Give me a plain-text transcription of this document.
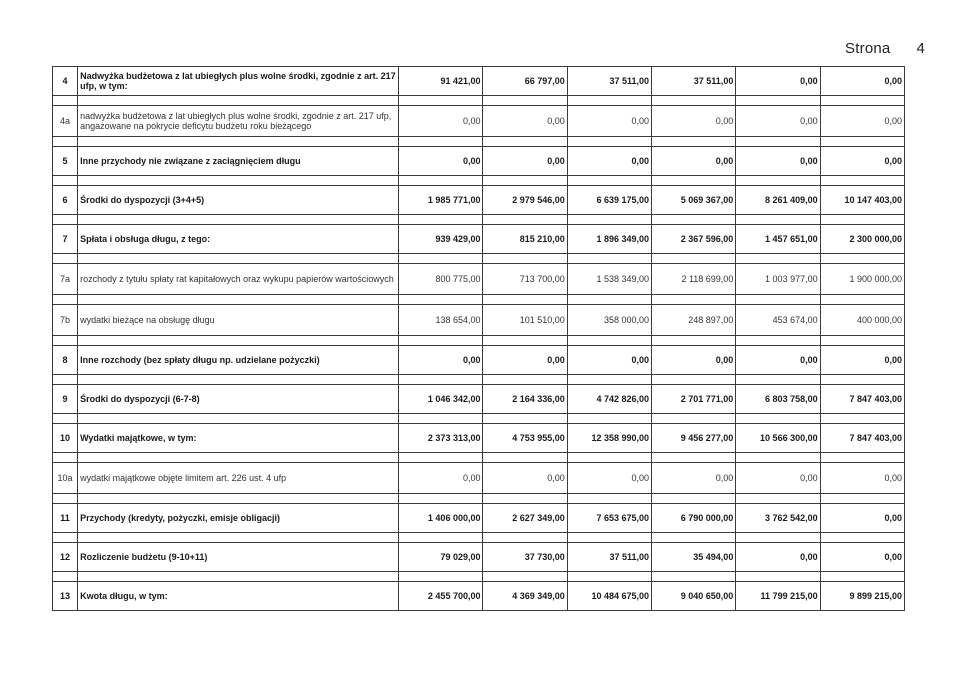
Strona 4
4	Nadwyżka budżetowa z lat ubiegłych plus wolne środki, zgodnie z art. 217 ufp, w tym:	91 421,00	66 797,00	37 511,00	37 511,00	0,00	0,00

4a	nadwyżka budżetowa z lat ubiegłych plus wolne środki, zgodnie z art. 217 ufp, angażowane na pokrycie deficytu budżetu roku bieżącego	0,00	0,00	0,00	0,00	0,00	0,00

5	Inne przychody nie związane z zaciągnięciem długu	0,00	0,00	0,00	0,00	0,00	0,00

6	Środki do dyspozycji (3+4+5)	1 985 771,00	2 979 546,00	6 639 175,00	5 069 367,00	8 261 409,00	10 147 403,00

7	Spłata i obsługa długu, z tego:	939 429,00	815 210,00	1 896 349,00	2 367 596,00	1 457 651,00	2 300 000,00

7a	rozchody z tytułu spłaty rat kapitałowych oraz wykupu papierów wartościowych	800 775,00	713 700,00	1 538 349,00	2 118 699,00	1 003 977,00	1 900 000,00

7b	wydatki bieżące na obsługę długu	138 654,00	101 510,00	358 000,00	248 897,00	453 674,00	400 000,00

8	Inne rozchody (bez spłaty długu np. udzielane pożyczki)	0,00	0,00	0,00	0,00	0,00	0,00

9	Środki do dyspozycji (6-7-8)	1 046 342,00	2 164 336,00	4 742 826,00	2 701 771,00	6 803 758,00	7 847 403,00

10	Wydatki majątkowe, w tym:	2 373 313,00	4 753 955,00	12 358 990,00	9 456 277,00	10 566 300,00	7 847 403,00

10a	wydatki majątkowe objęte limitem art. 226 ust. 4 ufp	0,00	0,00	0,00	0,00	0,00	0,00

11	Przychody (kredyty, pożyczki, emisje obligacji)	1 406 000,00	2 627 349,00	7 653 675,00	6 790 000,00	3 762 542,00	0,00

12	Rozliczenie budżetu (9-10+11)	79 029,00	37 730,00	37 511,00	35 494,00	0,00	0,00

13	Kwota długu, w tym:	2 455 700,00	4 369 349,00	10 484 675,00	9 040 650,00	11 799 215,00	9 899 215,00
